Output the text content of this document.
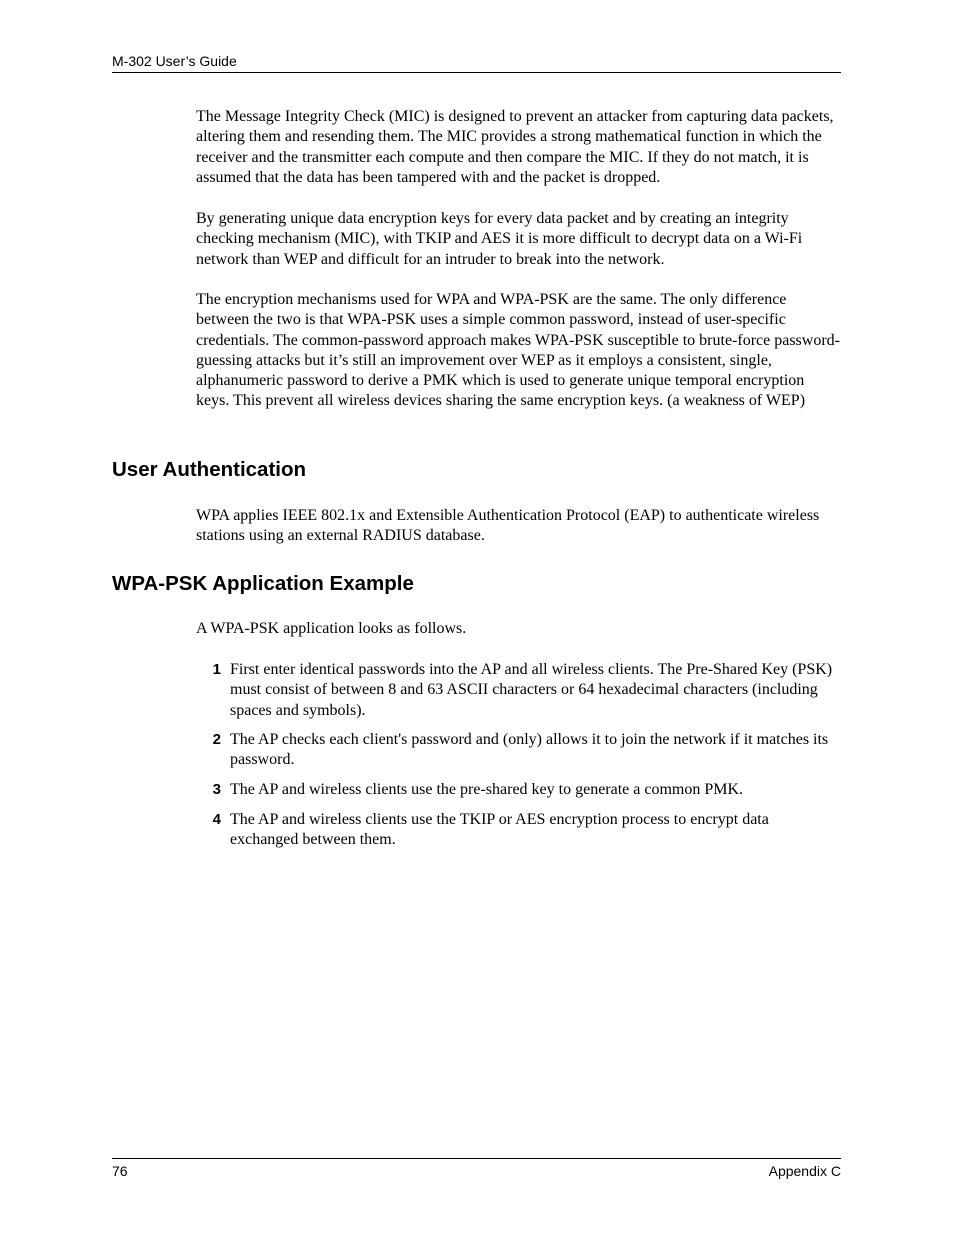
M-302 User’s Guide

The Message Integrity Check (MIC) is designed to prevent an attacker from capturing data packets, altering them and resending them. The MIC provides a strong mathematical function in which the receiver and the transmitter each compute and then compare the MIC. If they do not match, it is assumed that the data has been tampered with and the packet is dropped.

By generating unique data encryption keys for every data packet and by creating an integrity checking mechanism (MIC), with TKIP and AES it is more difficult to decrypt data on a Wi-Fi network than WEP and difficult for an intruder to break into the network.

The encryption mechanisms used for WPA and WPA-PSK are the same. The only difference between the two is that WPA-PSK uses a simple common password, instead of user-specific credentials. The common-password approach makes WPA-PSK susceptible to brute-force password-guessing attacks but it’s still an improvement over WEP as it employs a consistent, single, alphanumeric password to derive a PMK which is used to generate unique temporal encryption keys. This prevent all wireless devices sharing the same encryption keys. (a weakness of WEP)

User Authentication

WPA applies IEEE 802.1x and Extensible Authentication Protocol (EAP) to authenticate wireless stations using an external RADIUS database.

WPA-PSK Application Example

A WPA-PSK application looks as follows.

1 First enter identical passwords into the AP and all wireless clients. The Pre-Shared Key (PSK) must consist of between 8 and 63 ASCII characters or 64 hexadecimal characters (including spaces and symbols).
2 The AP checks each client's password and (only) allows it to join the network if it matches its password.
3 The AP and wireless clients use the pre-shared key to generate a common PMK.
4 The AP and wireless clients use the TKIP or AES encryption process to encrypt data exchanged between them.
76	Appendix C
